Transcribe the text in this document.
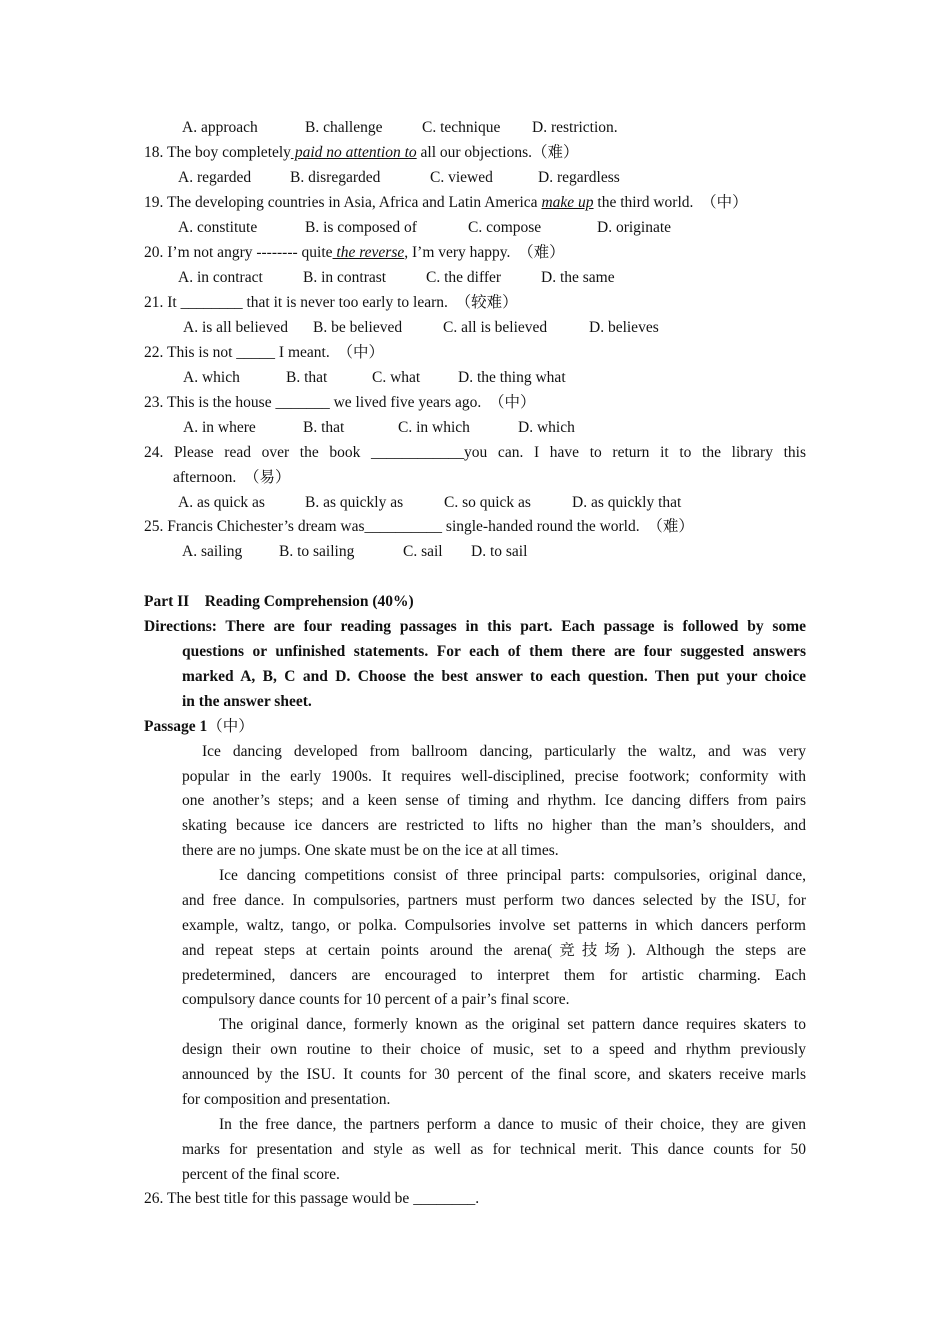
A. approach	B. challenge	C. technique D. restriction.
18. The boy completely paid no attention to all our objections.（难）
A. regarded	B. disregarded	C. viewed	D. regardless
19. The developing countries in Asia, Africa and Latin America make up the third world.  （中）
A. constitute	B. is composed of	C. compose	D. originate
20. I’m not angry -------- quite the reverse, I’m very happy.  （难）
A. in contract	B. in contrast	C. the differ	D. the same
21. It ________ that it is never too early to learn.  （较难）
A. is all believed B. be believed	C. all is believed	D. believes
22. This is not _____ I meant.  （中）
A. which	B. that	C. what D. the thing what
23. This is the house _______ we lived five years ago.  （中）
A. in where	B. that	C. in which	D. which
24. Please read over the book ____________you can. I have to return it to the library this
afternoon.  （易）
A. as quick as	B. as quickly as	C. so quick as	D. as quickly that
25. Francis Chichester’s dream was__________ single-handed round the world.  （难）
A. sailing B. to sailing	C. sail D. to sail
Part II    Reading Comprehension (40%)
Directions: There are four reading passages in this part. Each passage is followed by some
questions or unfinished statements. For each of them there are four suggested answers
marked A, B, C and D. Choose the best answer to each question. Then put your choice
in the answer sheet.
Passage 1（中）
Ice dancing developed from ballroom dancing, particularly the waltz, and was very
popular in the early 1900s. It requires well-disciplined, precise footwork; conformity with
one another’s steps; and a keen sense of timing and rhythm. Ice dancing differs from pairs
skating because ice dancers are restricted to lifts no higher than the man’s shoulders, and
there are no jumps. One skate must be on the ice at all times.
Ice dancing competitions consist of three principal parts: compulsories, original dance,
and free dance. In compulsories, partners must perform two dances selected by the ISU, for
example, waltz, tango, or polka. Compulsories involve set patterns in which dancers perform
and repeat steps at certain points around the arena(竞技场). Although the steps are
predetermined, dancers are encouraged to interpret them for artistic charming. Each
compulsory dance counts for 10 percent of a pair’s final score.
The original dance, formerly known as the original set pattern dance requires skaters to
design their own routine to their choice of music, set to a speed and rhythm previously
announced by the ISU. It counts for 30 percent of the final score, and skaters receive marls
for composition and presentation.
In the free dance, the partners perform a dance to music of their choice, they are given
marks for presentation and style as well as for technical merit. This dance counts for 50
percent of the final score.
26. The best title for this passage would be ________.
